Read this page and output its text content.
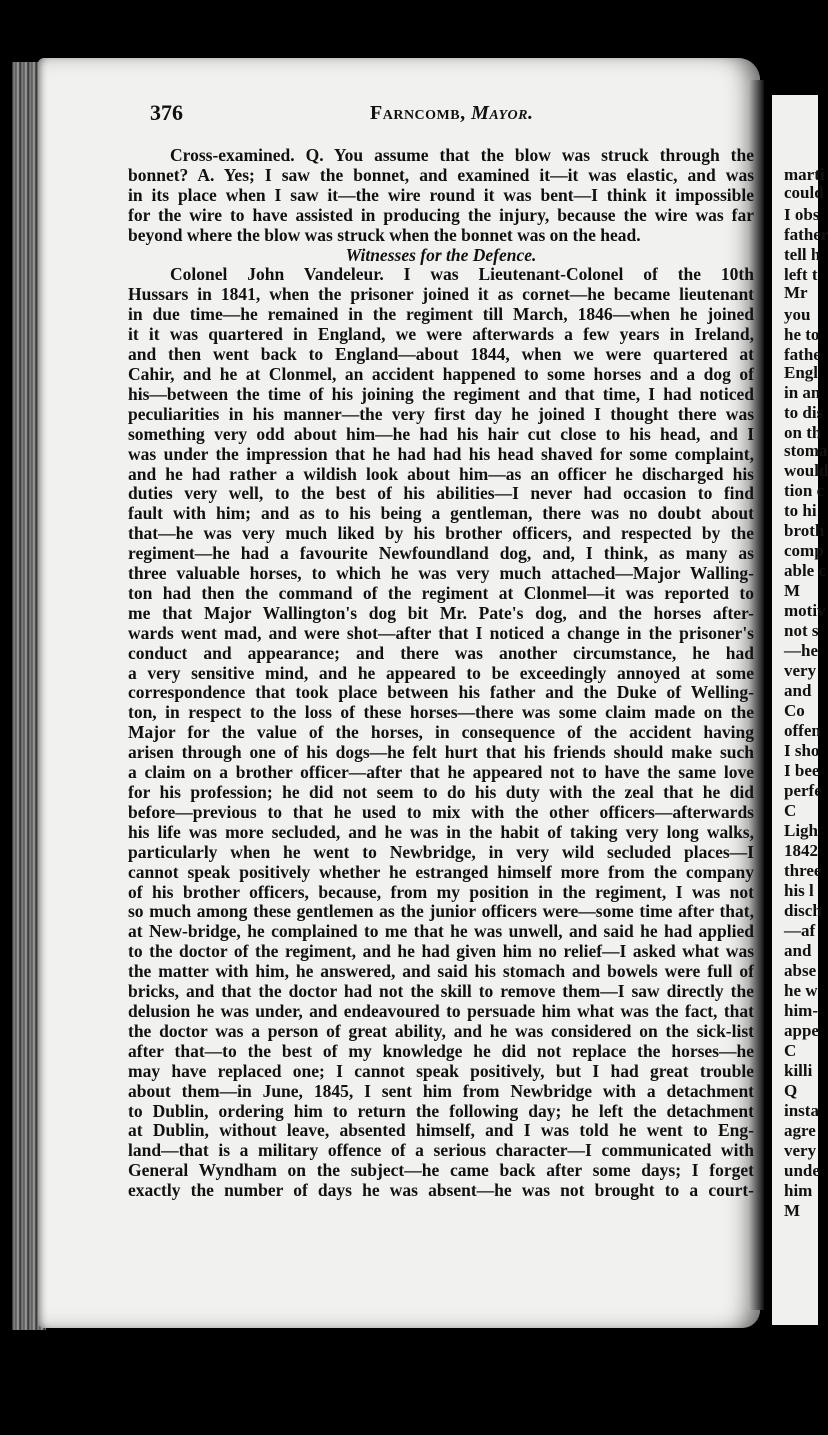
marti
could
I obs
father
tell h
left t
Mr
you
he to
fathe
Engl
in an
to dis
on th
stoma
would
tion c
to hi
broth
comp
able c
M
motiv
not s
—he
very
and
Co
offen
I sho
I bee
perfe
C
Ligh
1842
three
his l
disch
—af
and
abse
he w
him-
appe
C
killi
Q
insta
agre
very
unde
him
M
376	Farncomb, Mayor.
Cross-examined. Q. You assume that the blow was struck through the
bonnet? A. Yes; I saw the bonnet, and examined it—it was elastic, and was
in its place when I saw it—the wire round it was bent—I think it impossible
for the wire to have assisted in producing the injury, because the wire was far
beyond where the blow was struck when the bonnet was on the head.
Witnesses for the Defence.
Colonel John Vandeleur. I was Lieutenant-Colonel of the 10th
Hussars in 1841, when the prisoner joined it as cornet—he became lieutenant
in due time—he remained in the regiment till March, 1846—when he joined
it it was quartered in England, we were afterwards a few years in Ireland,
and then went back to England—about 1844, when we were quartered at
Cahir, and he at Clonmel, an accident happened to some horses and a dog of
his—between the time of his joining the regiment and that time, I had noticed
peculiarities in his manner—the very first day he joined I thought there was
something very odd about him—he had his hair cut close to his head, and I
was under the impression that he had had his head shaved for some complaint,
and he had rather a wildish look about him—as an officer he discharged his
duties very well, to the best of his abilities—I never had occasion to find
fault with him; and as to his being a gentleman, there was no doubt about
that—he was very much liked by his brother officers, and respected by the
regiment—he had a favourite Newfoundland dog, and, I think, as many as
three valuable horses, to which he was very much attached—Major Walling-
ton had then the command of the regiment at Clonmel—it was reported to
me that Major Wallington's dog bit Mr. Pate's dog, and the horses after-
wards went mad, and were shot—after that I noticed a change in the prisoner's
conduct and appearance; and there was another circumstance, he had
a very sensitive mind, and he appeared to be exceedingly annoyed at some
correspondence that took place between his father and the Duke of Welling-
ton, in respect to the loss of these horses—there was some claim made on the
Major for the value of the horses, in consequence of the accident having
arisen through one of his dogs—he felt hurt that his friends should make such
a claim on a brother officer—after that he appeared not to have the same love
for his profession; he did not seem to do his duty with the zeal that he did
before—previous to that he used to mix with the other officers—afterwards
his life was more secluded, and he was in the habit of taking very long walks,
particularly when he went to Newbridge, in very wild secluded places—I
cannot speak positively whether he estranged himself more from the company
of his brother officers, because, from my position in the regiment, I was not
so much among these gentlemen as the junior officers were—some time after that,
at New-bridge, he complained to me that he was unwell, and said he had applied
to the doctor of the regiment, and he had given him no relief—I asked what was
the matter with him, he answered, and said his stomach and bowels were full of
bricks, and that the doctor had not the skill to remove them—I saw directly the
delusion he was under, and endeavoured to persuade him what was the fact, that
the doctor was a person of great ability, and he was considered on the sick-list
after that—to the best of my knowledge he did not replace the horses—he
may have replaced one; I cannot speak positively, but I had great trouble
about them—in June, 1845, I sent him from Newbridge with a detachment
to Dublin, ordering him to return the following day; he left the detachment
at Dublin, without leave, absented himself, and I was told he went to Eng-
land—that is a military offence of a serious character—I communicated with
General Wyndham on the subject—he came back after some days; I forget
exactly the number of days he was absent—he was not brought to a court-
